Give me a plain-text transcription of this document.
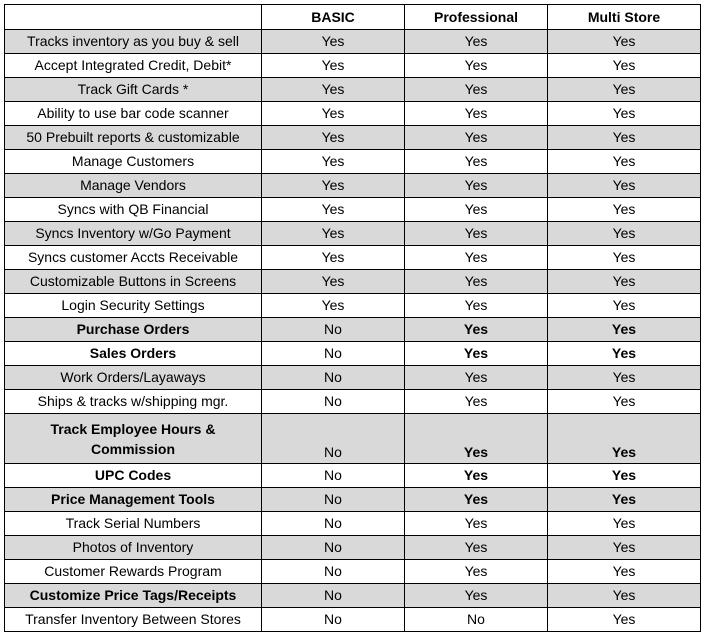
	BASIC	Professional	Multi Store
Tracks inventory as you buy & sell	Yes	Yes	Yes
Accept Integrated Credit, Debit*	Yes	Yes	Yes
Track Gift Cards *	Yes	Yes	Yes
Ability to use bar code scanner	Yes	Yes	Yes
50 Prebuilt reports & customizable	Yes	Yes	Yes
Manage Customers	Yes	Yes	Yes
Manage Vendors	Yes	Yes	Yes
Syncs with QB Financial	Yes	Yes	Yes
Syncs Inventory w/Go Payment	Yes	Yes	Yes
Syncs customer Accts Receivable	Yes	Yes	Yes
Customizable Buttons in Screens	Yes	Yes	Yes
Login Security Settings	Yes	Yes	Yes
Purchase Orders	No	Yes	Yes
Sales Orders	No	Yes	Yes
Work Orders/Layaways	No	Yes	Yes
Ships & tracks w/shipping mgr.	No	Yes	Yes
Track Employee Hours & Commission	No	Yes	Yes
UPC Codes	No	Yes	Yes
Price Management Tools	No	Yes	Yes
Track Serial Numbers	No	Yes	Yes
Photos of Inventory	No	Yes	Yes
Customer Rewards Program	No	Yes	Yes
Customize Price Tags/Receipts	No	Yes	Yes
Transfer Inventory Between Stores	No	No	Yes
